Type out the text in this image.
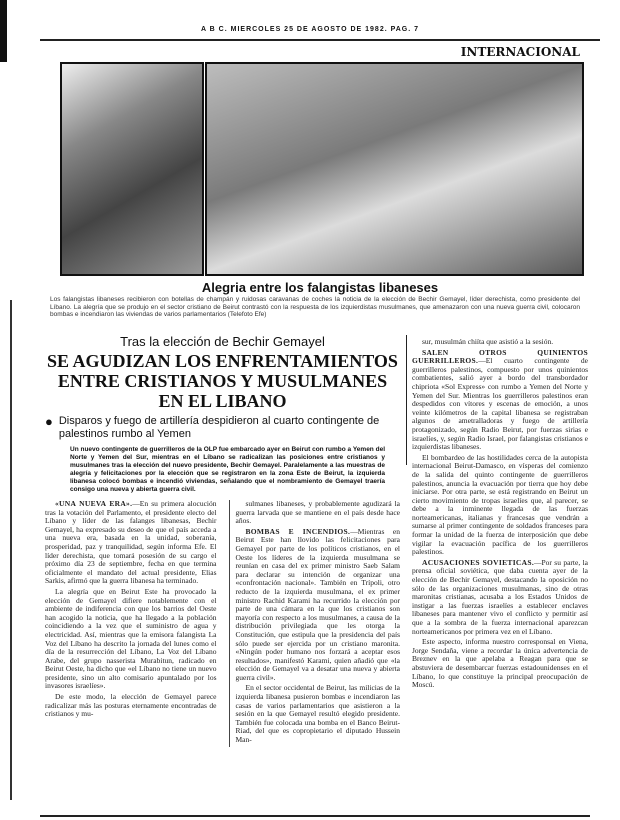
A B C. MIERCOLES 25 DE AGOSTO DE 1982. PAG. 7
INTERNACIONAL
Alegria entre los falangistas libaneses
Los falangistas libaneses recibieron con botellas de champán y ruidosas caravanas de coches la noticia de la elección de Bechir Gemayel, líder derechista, como presidente del Líbano. La alegría que se produjo en el sector cristiano de Beirut contrastó con la respuesta de los izquierdistas musulmanes, que amenazaron con una nueva guerra civil, colocaron bombas e incendiaron las viviendas de varios parlamentarios (Telefoto Efe)
Tras la elección de Bechir Gemayel
SE AGUDIZAN LOS ENFRENTAMIENTOS ENTRE CRISTIANOS Y MUSULMANES EN EL LIBANO
● Disparos y fuego de artillería despidieron al cuarto contingente de palestinos rumbo al Yemen
Un nuevo contingente de guerrilleros de la OLP fue embarcado ayer en Beirut con rumbo a Yemen del Norte y Yemen del Sur, mientras en el Líbano se radicalizan las posiciones entre cristianos y musulmanes tras la elección del nuevo presidente, Bechir Gemayel. Paralelamente a las muestras de alegría y felicitaciones por la elección que se registraron en la zona Este de Beirut, la izquierda libanesa colocó bombas e incendió viviendas, señalando que el nombramiento de Gemayel traería consigo una nueva y abierta guerra civil.

«UNA NUEVA ERA».—En su primera alocución tras la votación del Parlamento, el presidente electo del Líbano y líder de las falanges libanesas, Bechir Gemayel, ha expresado su deseo de que el país acceda a una nueva era, basada en la unidad, soberanía, prosperidad, paz y tranquilidad, según informa Efe. El líder derechista, que tomará posesión de su cargo el próximo día 23 de septiembre, fecha en que termina oficialmente el mandato del actual presidente, Elias Sarkis, afirmó que la guerra libanesa ha terminado.

La alegría que en Beirut Este ha provocado la elección de Gemayel difiere notablemente con el ambiente de indiferencia con que los barrios del Oeste han acogido la noticia, que ha llegado a la población coincidiendo a la vez que el suministro de agua y electricidad. Así, mientras que la emisora falangista La Voz del Líbano ha descrito la jornada del lunes como el día de la resurrección del Líbano, La Voz del Líbano Arabe, del grupo nasserista Murabitun, radicado en Beirut Oeste, ha dicho que «el Líbano no tiene un nuevo presidente, sino un alto comisario apuntalado por los invasores israelíes».

De este modo, la elección de Gemayel parece radicalizar más las posturas eternamente encontradas de cristianos y mu-

sulmanes libaneses, y probablemente agudizará la guerra larvada que se mantiene en el país desde hace años.

BOMBAS E INCENDIOS.—Mientras en Beirut Este han llovido las felicitaciones para Gemayel por parte de los políticos cristianos, en el Oeste los líderes de la izquierda musulmana se reunían en casa del ex primer ministro Saeb Salam para declarar su intención de organizar una «confrontación nacional». También en Trípoli, otro reducto de la izquierda musulmana, el ex primer ministro Rachid Karami ha recurrido la elección por parte de una cámara en la que los cristianos son mayoría con respecto a los musulmanes, a causa de la distribución privilegiada que les otorga la Constitución, que estipula que la presidencia del país sólo puede ser ejercida por un cristiano maronita. «Ningún poder humano nos forzará a aceptar esos resultados», manifestó Karami, quien añadió que «la elección de Gemayel va a desatar una nueva y abierta guerra civil».

En el sector occidental de Beirut, las milicias de la izquierda libanesa pusieron bombas e incendiaron las casas de varios parlamentarios que asistieron a la sesión en la que Gemayel resultó elegido presidente. También fue colocada una bomba en el Banco Beirut-Riad, del que es copropietario el diputado Hussein Man-

sur, musulmán chiíta que asistió a la sesión.

SALEN OTROS QUINIENTOS GUERRILLEROS.—El cuarto contingente de guerrilleros palestinos, compuesto por unos quinientos combatientes, salió ayer a bordo del transbordador chipriota «Sol Express» con rumbo a Yemen del Norte y Yemen del Sur. Mientras los guerrilleros palestinos eran despedidos con vítores y escenas de emoción, a unos veinte kilómetros de la capital libanesa se registraban algunos de ametralladoras y fuego de artillería protagonizado, según Radio Beirut, por fuerzas sirias e israelíes, y, según Radio Israel, por falangistas cristianos e izquierdistas libaneses.

El bombardeo de las hostilidades cerca de la autopista internacional Beirut-Damasco, en vísperas del comienzo de la salida del quinto contingente de guerrilleros palestinos, anuncia la evacuación por tierra que hoy debe iniciarse. Por otra parte, se está registrando en Beirut un cierto movimiento de tropas israelíes que, al parecer, se debe a la inminente llegada de las fuerzas norteamericanas, italianas y francesas que vendrán a sumarse al primer contingente de soldados franceses para formar la unidad de la fuerza de interposición que debe vigilar la evacuación pacífica de los guerrilleros palestinos.

ACUSACIONES SOVIETICAS.—Por su parte, la prensa oficial soviética, que daba cuenta ayer de la elección de Bechir Gemayel, destacando la oposición no sólo de las organizaciones musulmanas, sino de otras maronitas cristianas, acusaba a los Estados Unidos de instigar a las fuerzas israelíes a establecer enclaves libaneses para mantener vivo el conflicto y permitir así que a la sombra de la fuerza internacional aparezcan norteamericanos por primera vez en el Líbano.

Este aspecto, informa nuestro corresponsal en Viena, Jorge Sendaña, viene a recordar la única advertencia de Breznev en la que apelaba a Reagan para que se abstuviera de desembarcar fuerzas estadounidenses en el Líbano, lo que constituye la principal preocupación de Moscú.
